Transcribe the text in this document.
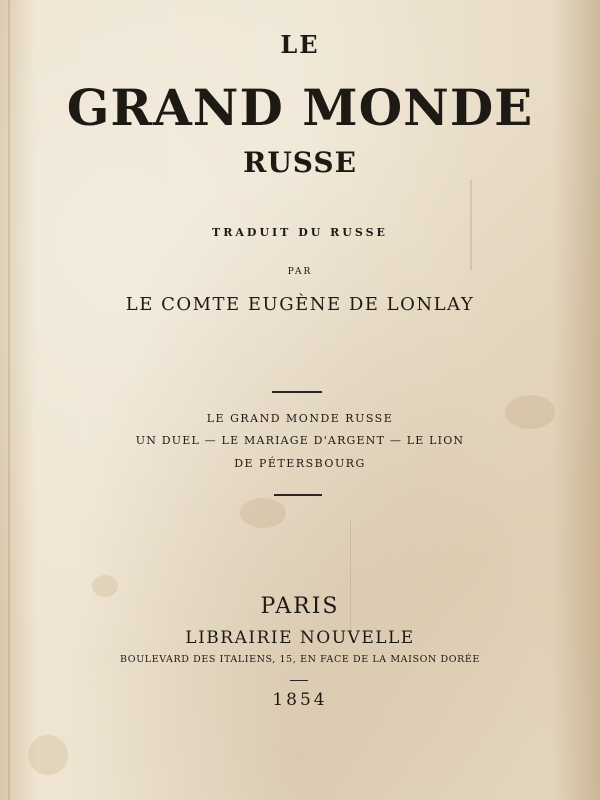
LE
GRAND MONDE
RUSSE
TRADUIT DU RUSSE
PAR
LE COMTE EUGÈNE DE LONLAY
LE GRAND MONDE RUSSE
UN DUEL — LE MARIAGE D'ARGENT — LE LION
DE PÉTERSBOURG
PARIS
LIBRAIRIE NOUVELLE
BOULEVARD DES ITALIENS, 15, EN FACE DE LA MAISON DORÉE
1854
